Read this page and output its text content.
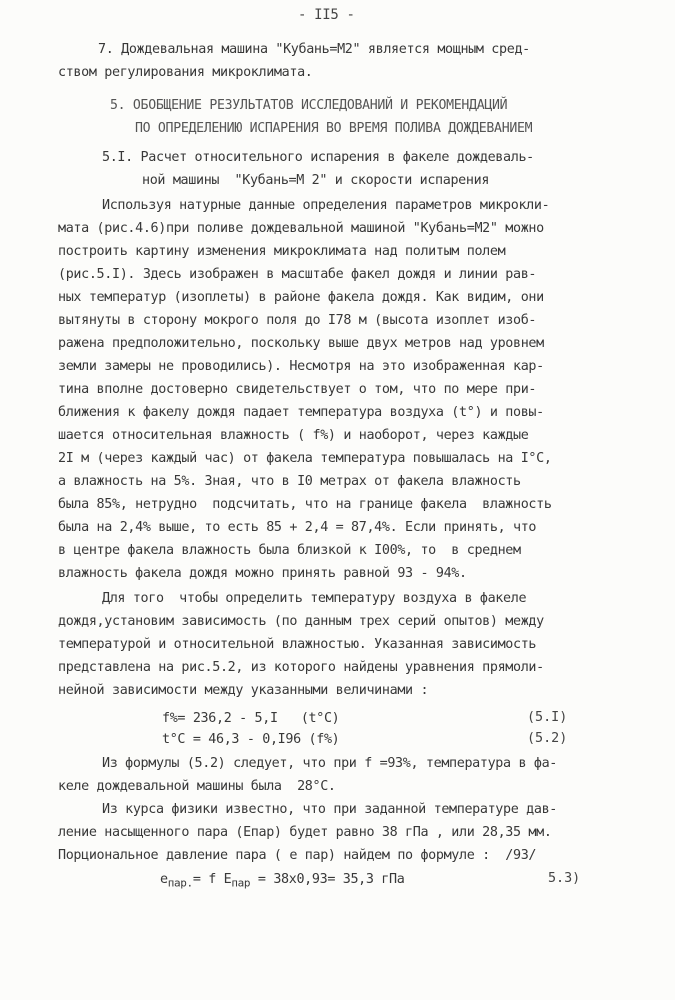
- II5 -
7. Дождевальная машина "Кубань=М2" является мощным сред-
ством регулирования микроклимата.
5. ОБОБЩЕНИЕ РЕЗУЛЬТАТОВ ИССЛЕДОВАНИЙ И РЕКОМЕНДАЦИЙ
ПО ОПРЕДЕЛЕНИЮ ИСПАРЕНИЯ ВО ВРЕМЯ ПОЛИВА ДОЖДЕВАНИЕМ
5.I. Расчет относительного испарения в факеле дождеваль-
ной машины  "Кубань=М 2" и скорости испарения
Используя натурные данные определения параметров микрокли-
мата (рис.4.6)при поливе дождевальной машиной "Кубань=М2" можно
построить картину изменения микроклимата над политым полем
(рис.5.I). Здесь изображен в масштабе факел дождя и линии рав-
ных температур (изоплеты) в районе факела дождя. Как видим, они
вытянуты в сторону мокрого поля до I78 м (высота изоплет изоб-
ражена предположительно, поскольку выше двух метров над уровнем
земли замеры не проводились). Несмотря на это изображенная кар-
тина вполне достоверно свидетельствует о том, что по мере при-
ближения к факелу дождя падает температура воздуха (t°) и повы-
шается относительная влажность ( f%) и наоборот, через каждые
2I м (через каждый час) от факела температура повышалась на I°C,
а влажность на 5%. Зная, что в I0 метрах от факела влажность
была 85%, нетрудно  подсчитать, что на границе факела  влажность
была на 2,4% выше, то есть 85 + 2,4 = 87,4%. Если принять, что
в центре факела влажность была близкой к I00%, то  в среднем
влажность факела дождя можно принять равной 93 - 94%.
Для того  чтобы определить температуру воздуха в факеле
дождя,установим зависимость (по данным трех серий опытов) между
температурой и относительной влажностью. Указанная зависимость
представлена на рис.5.2, из которого найдены уравнения прямоли-
нейной зависимости между указанными величинами :
f%= 236,2 - 5,I   (t°C)	(5.I)
t°C = 46,3 - 0,I96 (f%)	(5.2)
Из формулы (5.2) следует, что при f =93%, температура в фа-
келе дождевальной машины была  28°C.
Из курса физики известно, что при заданной температуре дав-
ление насыщенного пара (Епар) будет равно 38 гПа , или 28,35 мм.
Порциональное давление пара ( е пар) найдем по формуле :  /93/
$e_{пар.}= f$ $E_{пар} = 38x0,93= 35,3$ гПа	5.3)
